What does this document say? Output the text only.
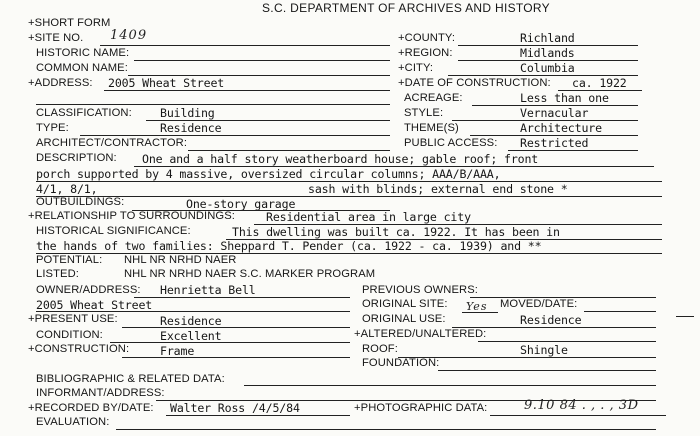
S.C. DEPARTMENT OF ARCHIVES AND HISTORY
+SHORT FORM
+SITE NO. 1409	+COUNTY:	Richland
HISTORIC NAME:	+REGION:	Midlands
COMMON NAME:	+CITY:	Columbia
+ADDRESS: 2005 Wheat Street	+DATE OF CONSTRUCTION: ca. 1922
ACREAGE:	Less than one
CLASSIFICATION: Building	STYLE:	Vernacular
TYPE:	Residence	THEME(S)	Architecture
ARCHITECT/CONTRACTOR:	PUBLIC ACCESS: Restricted
DESCRIPTION: One and a half story weatherboard house; gable roof; front
porch supported by 4 massive, oversized circular columns; AAA/B/AAA,
4/1, 8/1,	sash with blinds; external end stone *
OUTBUILDINGS:	One-story garage
+RELATIONSHIP TO SURROUNDINGS:	Residential area in large city
HISTORICAL SIGNIFICANCE:	This dwelling was built ca. 1922. It has been in
the hands of two families: Sheppard T. Pender (ca. 1922 - ca. 1939) and **
POTENTIAL: NHL NR NRHD NAER
LISTED:	NHL NR NRHD NAER S.C. MARKER PROGRAM
OWNER/ADDRESS: Henrietta Bell	PREVIOUS OWNERS:
2005 Wheat Street	ORIGINAL SITE: Yes MOVED/DATE:
+PRESENT USE:	Residence	ORIGINAL USE:	Residence
CONDITION:	Excellent	+ALTERED/UNALTERED:
+CONSTRUCTION:	Frame	ROOF:	Shingle
FOUNDATION:
BIBLIOGRAPHIC & RELATED DATA:
INFORMANT/ADDRESS:
+RECORDED BY/DATE: Walter Ross /4/5/84	+PHOTOGRAPHIC DATA:	9.10 84 . , . , 3D
EVALUATION:
